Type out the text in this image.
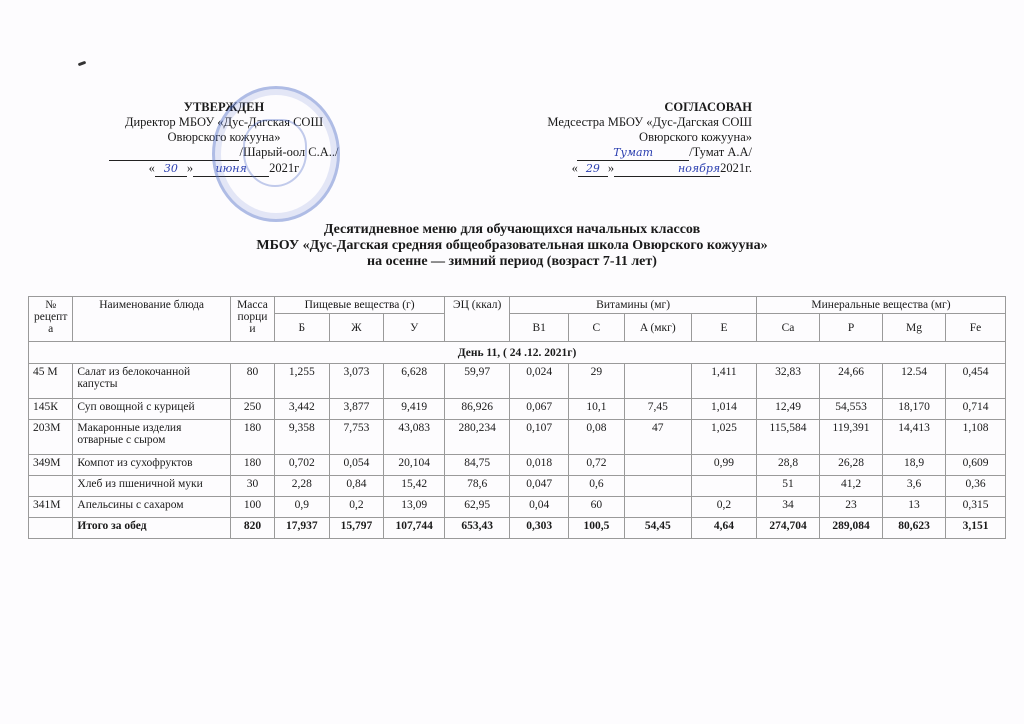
УТВЕРЖДЕН
Директор МБОУ «Дус-Дагская СОШ
Овюрского кожууна»
/Шарый-оол С.А../
« 30 » июня 2021г
СОГЛАСОВАН
Медсестра МБОУ «Дус-Дагская СОШ
Овюрского кожууна»
Тумат	/Тумат А.А/
« 29 »	ноября2021г.
Десятидневное меню для обучающихся начальных классов
МБОУ «Дус-Дагская средняя общеобразовательная школа Овюрского кожууна»
на осенне — зимний период (возраст 7-11 лет)
№ рецепт а	Наименование блюда	Масса порци и	Пищевые вещества (г)			ЭЦ (ккал)	Витамины (мг)				Минеральные вещества (мг)			
			Б	Ж	У		B1	C	A (мкг)	E	Ca	P	Mg	Fe
День 11, ( 24 .12. 2021г)														
45 М	Салат из белокочанной капусты	80	1,255	3,073	6,628	59,97	0,024	29		1,411	32,83	24,66	12.54	0,454
145К	Суп овощной с курицей	250	3,442	3,877	9,419	86,926	0,067	10,1	7,45	1,014	12,49	54,553	18,170	0,714
203М	Макаронные изделия отварные с сыром	180	9,358	7,753	43,083	280,234	0,107	0,08	47	1,025	115,584	119,391	14,413	1,108
349М	Компот из сухофруктов	180	0,702	0,054	20,104	84,75	0,018	0,72		0,99	28,8	26,28	18,9	0,609
	Хлеб из пшеничной муки	30	2,28	0,84	15,42	78,6	0,047	0,6			51	41,2	3,6	0,36
341М	Апельсины с сахаром	100	0,9	0,2	13,09	62,95	0,04	60		0,2	34	23	13	0,315
	Итого за обед	820	17,937	15,797	107,744	653,43	0,303	100,5	54,45	4,64	274,704	289,084	80,623	3,151
